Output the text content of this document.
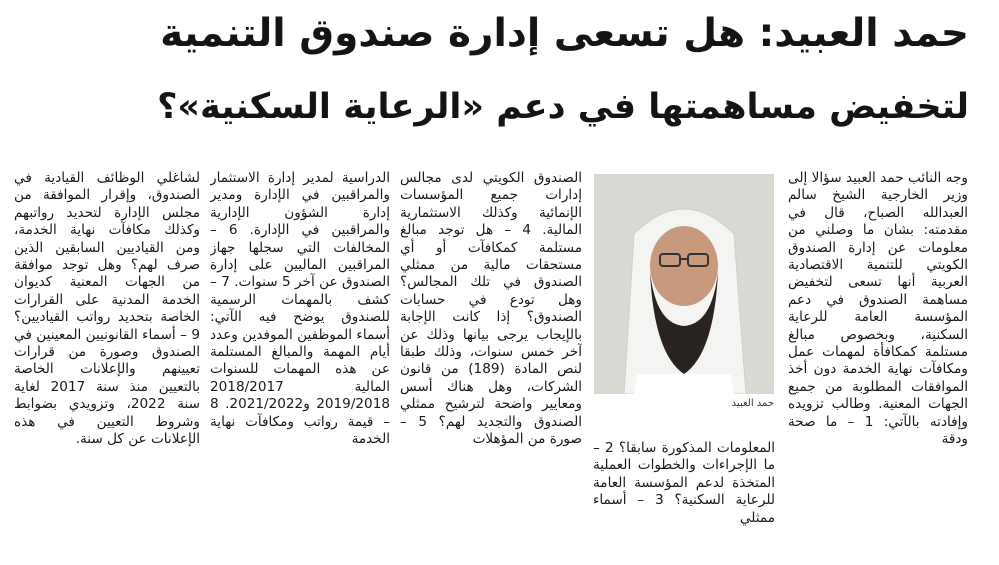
حمد العبيد: هل تسعى إدارة صندوق التنمية
لتخفيض مساهمتها في دعم «الرعاية السكنية»؟
حمد العبيد

وجه النائب حمد العبيد سؤالا إلى وزير الخارجية الشيخ سالم العبدالله الصباح، قال في مقدمته: بشان ما وصلني من معلومات عن إدارة الصندوق الكويتي للتنمية الاقتصادية العربية أنها تسعى لتخفيض مساهمة الصندوق في دعم المؤسسة العامة للرعاية السكنية، وبخصوص مبالغ مستلمة كمكافأة لمهمات عمل ومكافآت نهاية الخدمة دون أخذ الموافقات المطلوبة من جميع الجهات المعنية. وطالب تزويده وإفادته بالآتي: 1 – ما صحة ودقة

المعلومات المذكورة سابقا؟ 2 – ما الإجراءات والخطوات العملية المتخذة لدعم المؤسسة العامة للرعاية السكنية؟ 3 – أسماء ممثلي

الصندوق الكويتي لدى مجالس إدارات جميع المؤسسات الإنمائية وكذلك الاستثمارية المالية. 4 – هل توجد مبالغ مستلمة كمكافآت أو أي مستحقات مالية من ممثلي الصندوق في تلك المجالس؟ وهل تودع في حسابات الصندوق؟ إذا كانت الإجابة بالإيجاب يرجى بيانها وذلك عن آخر خمس سنوات، وذلك طبقا لنص المادة (189) من قانون الشركات، وهل هناك أسس ومعايير واضحة لترشيح ممثلي الصندوق والتجديد لهم؟ 5 – صورة من المؤهلات

الدراسية لمدير إدارة الاستثمار والمراقبين في الإدارة ومدير إدارة الشؤون الإدارية والمراقبين في الإدارة. 6 – المخالفات التي سجلها جهاز المراقبين الماليين على إدارة الصندوق عن آخر 5 سنوات. 7 – كشف بالمهمات الرسمية للصندوق يوضح فيه الآتي: أسماء الموظفين الموفدين وعدد أيام المهمة والمبالغ المستلمة عن هذه المهمات للسنوات المالية 2018/2017 2019/2018 و2021/2022. 8 – قيمة رواتب ومكافآت نهاية الخدمة

لشاغلي الوظائف القيادية في الصندوق، وإقرار الموافقة من مجلس الإدارة لتحديد رواتبهم وكذلك مكافآت نهاية الخدمة، ومن القياديين السابقين الذين صرف لهم؟ وهل توجد موافقة من الجهات المعنية كديوان الخدمة المدنية على القرارات الخاصة بتحديد رواتب القياديين؟ 9 – أسماء القانونيين المعينين في الصندوق وصورة من قرارات تعيينهم والإعلانات الخاصة بالتعيين منذ سنة 2017 لغاية سنة 2022، وتزويدي بضوابط وشروط التعيين في هذه الإعلانات عن كل سنة.
